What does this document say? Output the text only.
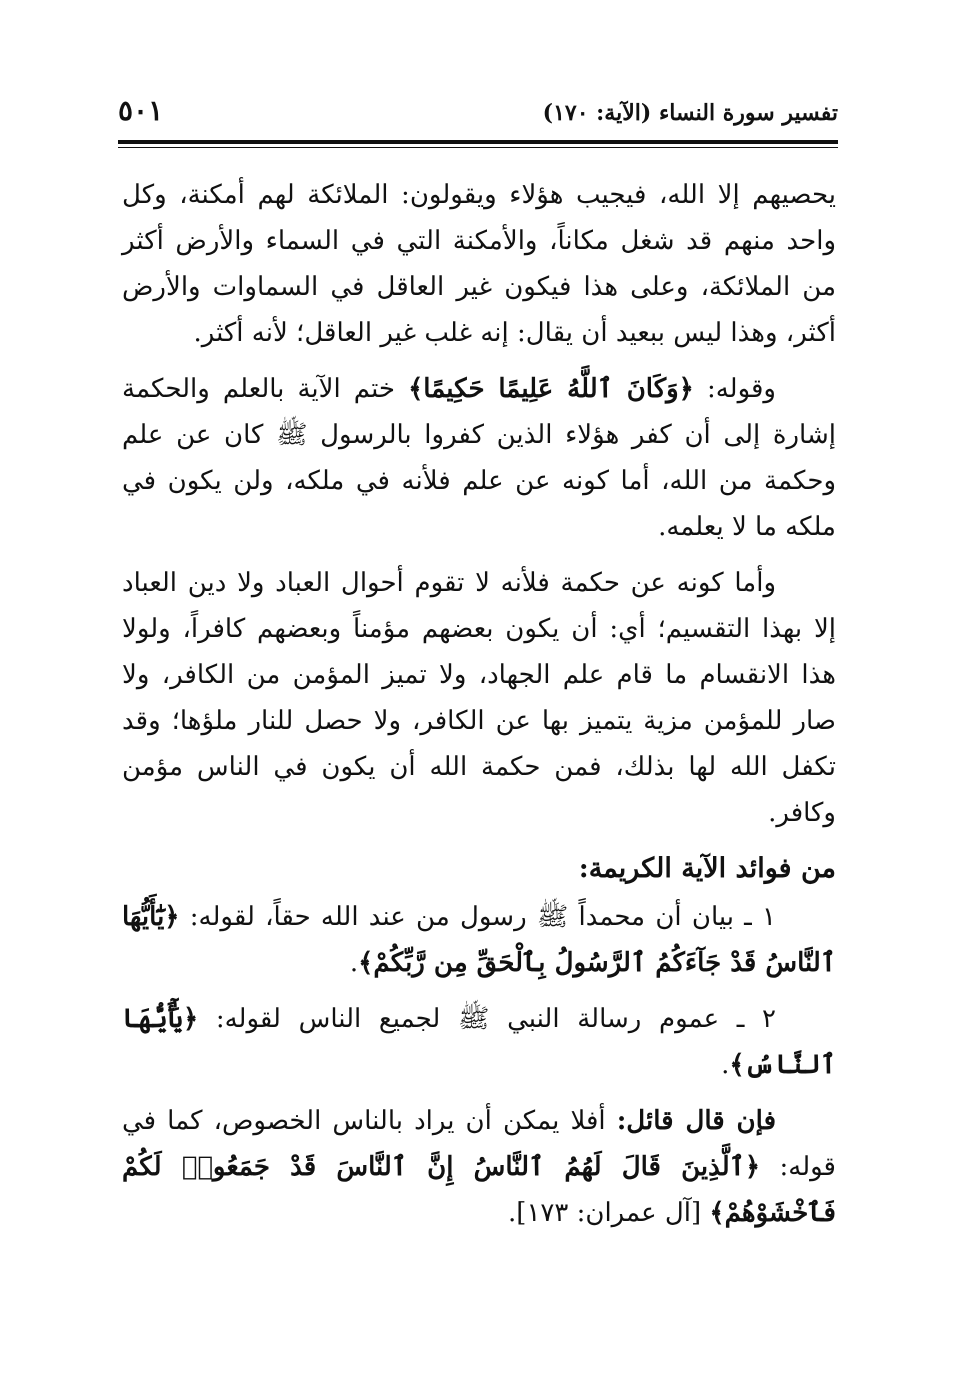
تفسير سورة النساء (الآية: ١٧٠)
٥٠١

يحصيهم إلا الله، فيجيب هؤلاء ويقولون: الملائكة لهم أمكنة، وكل واحد منهم قد شغل مكاناً، والأمكنة التي في السماء والأرض أكثر من الملائكة، وعلى هذا فيكون غير العاقل في السماوات والأرض أكثر، وهذا ليس ببعيد أن يقال: إنه غلب غير العاقل؛ لأنه أكثر.

وقوله: ﴿وَكَانَ ٱللَّهُ عَلِيمًا حَكِيمًا﴾ ختم الآية بالعلم والحكمة إشارة إلى أن كفر هؤلاء الذين كفروا بالرسول ﷺ كان عن علم وحكمة من الله، أما كونه عن علم فلأنه في ملكه، ولن يكون في ملكه ما لا يعلمه.

وأما كونه عن حكمة فلأنه لا تقوم أحوال العباد ولا دين العباد إلا بهذا التقسيم؛ أي: أن يكون بعضهم مؤمناً وبعضهم كافراً، ولولا هذا الانقسام ما قام علم الجهاد، ولا تميز المؤمن من الكافر، ولا صار للمؤمن مزية يتميز بها عن الكافر، ولا حصل للنار ملؤها؛ وقد تكفل الله لها بذلك، فمن حكمة الله أن يكون في الناس مؤمن وكافر.

من فوائد الآية الكريمة:

١ ـ بيان أن محمداً ﷺ رسول من عند الله حقاً، لقوله: ﴿يَٰٓأَيُّهَا ٱلنَّاسُ قَدْ جَآءَكُمُ ٱلرَّسُولُ بِٱلْحَقِّ مِن رَّبِّكُمْ﴾.

٢ ـ عموم رسالة النبي ﷺ لجميع الناس لقوله: ﴿يَٰٓأَيُّهَا ٱلنَّاسُ﴾.

فإن قال قائل: أفلا يمكن أن يراد بالناس الخصوص، كما في قوله: ﴿ٱلَّذِينَ قَالَ لَهُمُ ٱلنَّاسُ إِنَّ ٱلنَّاسَ قَدْ جَمَعُوا۟ لَكُمْ فَٱخْشَوْهُمْ﴾ [آل عمران: ١٧٣].
